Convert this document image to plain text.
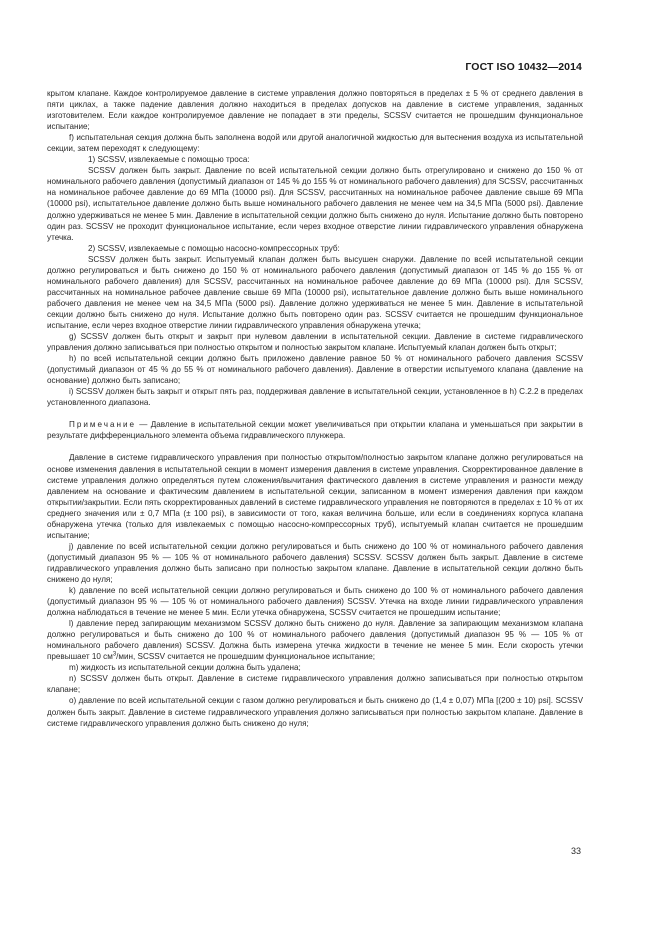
ГОСТ ISO 10432—2014

крытом клапане. Каждое контролируемое давление в системе управления должно повторяться в пределах ± 5 % от среднего давления в пяти циклах, а также падение давления должно находиться в пределах допусков на давление в системе управления, заданных изготовителем. Если каждое контролируемое давление не попадает в эти пределы, SCSSV считается не прошедшим функциональное испытание;

f) испытательная секция должна быть заполнена водой или другой аналогичной жидкостью для вытеснения воздуха из испытательной секции, затем переходят к следующему:

1) SCSSV, извлекаемые с помощью троса:

SCSSV должен быть закрыт. Давление по всей испытательной секции должно быть отрегулировано и снижено до 150 % от номинального рабочего давления (допустимый диапазон от 145 % до 155 % от номинального рабочего давления) для SCSSV, рассчитанных на номинальное рабочее давление до 69 МПа (10000 psi). Для SCSSV, рассчитанных на номинальное рабочее давление свыше 69 МПа (10000 psi), испытательное давление должно быть выше номинального рабочего давления не менее чем на 34,5 МПа (5000 psi). Давление должно удерживаться не менее 5 мин. Давление в испытательной секции должно быть снижено до нуля. Испытание должно быть повторено один раз. SCSSV не проходит функциональное испытание, если через входное отверстие линии гидравлического управления обнаружена утечка.

2) SCSSV, извлекаемые с помощью насосно-компрессорных труб:

SCSSV должен быть закрыт. Испытуемый клапан должен быть высушен снаружи. Давление по всей испытательной секции должно регулироваться и быть снижено до 150 % от номинального рабочего давления (допустимый диапазон от 145 % до 155 % от номинального рабочего давления) для SCSSV, рассчитанных на номинальное рабочее давление до 69 МПа (10000 psi). Для SCSSV, рассчитанных на номинальное рабочее давление свыше 69 МПа (10000 psi), испытательное давление должно быть выше номинального рабочего давления не менее чем на 34,5 МПа (5000 psi). Давление должно удерживаться не менее 5 мин. Давление в испытательной секции должно быть снижено до нуля. Испытание должно быть повторено один раз. SCSSV считается не прошедшим функциональное испытание, если через входное отверстие линии гидравлического управления обнаружена утечка;

g) SCSSV должен быть открыт и закрыт при нулевом давлении в испытательной секции. Давление в системе гидравлического управления должно записываться при полностью открытом и полностью закрытом клапане. Испытуемый клапан должен быть открыт;

h) по всей испытательной секции должно быть приложено давление равное 50 % от номинального рабочего давления SCSSV (допустимый диапазон от 45 % до 55 % от номинального рабочего давления). Давление в отверстии испытуемого клапана (давление на основание) должно быть записано;

i) SCSSV должен быть закрыт и открыт пять раз, поддерживая давление в испытательной секции, установленное в h) С.2.2 в пределах установленного диапазона.

Примечание — Давление в испытательной секции может увеличиваться при открытии клапана и уменьшаться при закрытии в результате дифференциального элемента объема гидравлического плунжера.

Давление в системе гидравлического управления при полностью открытом/полностью закрытом клапане должно регулироваться на основе изменения давления в испытательной секции в момент измерения давления в системе управления. Скорректированное давление в системе управления должно определяться путем сложения/вычитания фактического давления в системе управления и разности между давлением на основание и фактическим давлением в испытательной секции, записанном в момент измерения давления при каждом открытии/закрытии. Если пять скорректированных давлений в системе гидравлического управления не повторяются в пределах ± 10 % от их среднего значения или ± 0,7 МПа (± 100 psi), в зависимости от того, какая величина больше, или если в соединениях корпуса клапана обнаружена утечка (только для извлекаемых с помощью насосно-компрессорных труб), испытуемый клапан считается не прошедшим испытание;

j) давление по всей испытательной секции должно регулироваться и быть снижено до 100 % от номинального рабочего давления (допустимый диапазон 95 % — 105 % от номинального рабочего давления) SCSSV. SCSSV должен быть закрыт. Давление в системе гидравлического управления должно быть записано при полностью закрытом клапане. Давление в испытательной секции должно быть снижено до нуля;

k) давление по всей испытательной секции должно регулироваться и быть снижено до 100 % от номинального рабочего давления (допустимый диапазон 95 % — 105 % от номинального рабочего давления) SCSSV. Утечка на входе линии гидравлического управления должна наблюдаться в течение не менее 5 мин. Если утечка обнаружена, SCSSV считается не прошедшим испытание;

l) давление перед запирающим механизмом SCSSV должно быть снижено до нуля. Давление за запирающим механизмом клапана должно регулироваться и быть снижено до 100 % от номинального рабочего давления (допустимый диапазон 95 % — 105 % от номинального рабочего давления) SCSSV. Должна быть измерена утечка жидкости в течение не менее 5 мин. Если скорость утечки превышает 10 $см^3$/мин, SCSSV считается не прошедшим функциональное испытание;

m) жидкость из испытательной секции должна быть удалена;

n) SCSSV должен быть открыт. Давление в системе гидравлического управления должно записываться при полностью открытом клапане;

о) давление по всей испытательной секции с газом должно регулироваться и быть снижено до (1,4 ± 0,07) МПа [(200 ± 10) psi]. SCSSV должен быть закрыт. Давление в системе гидравлического управления должно записываться при полностью закрытом клапане. Давление в системе гидравлического управления должно быть снижено до нуля;

33
